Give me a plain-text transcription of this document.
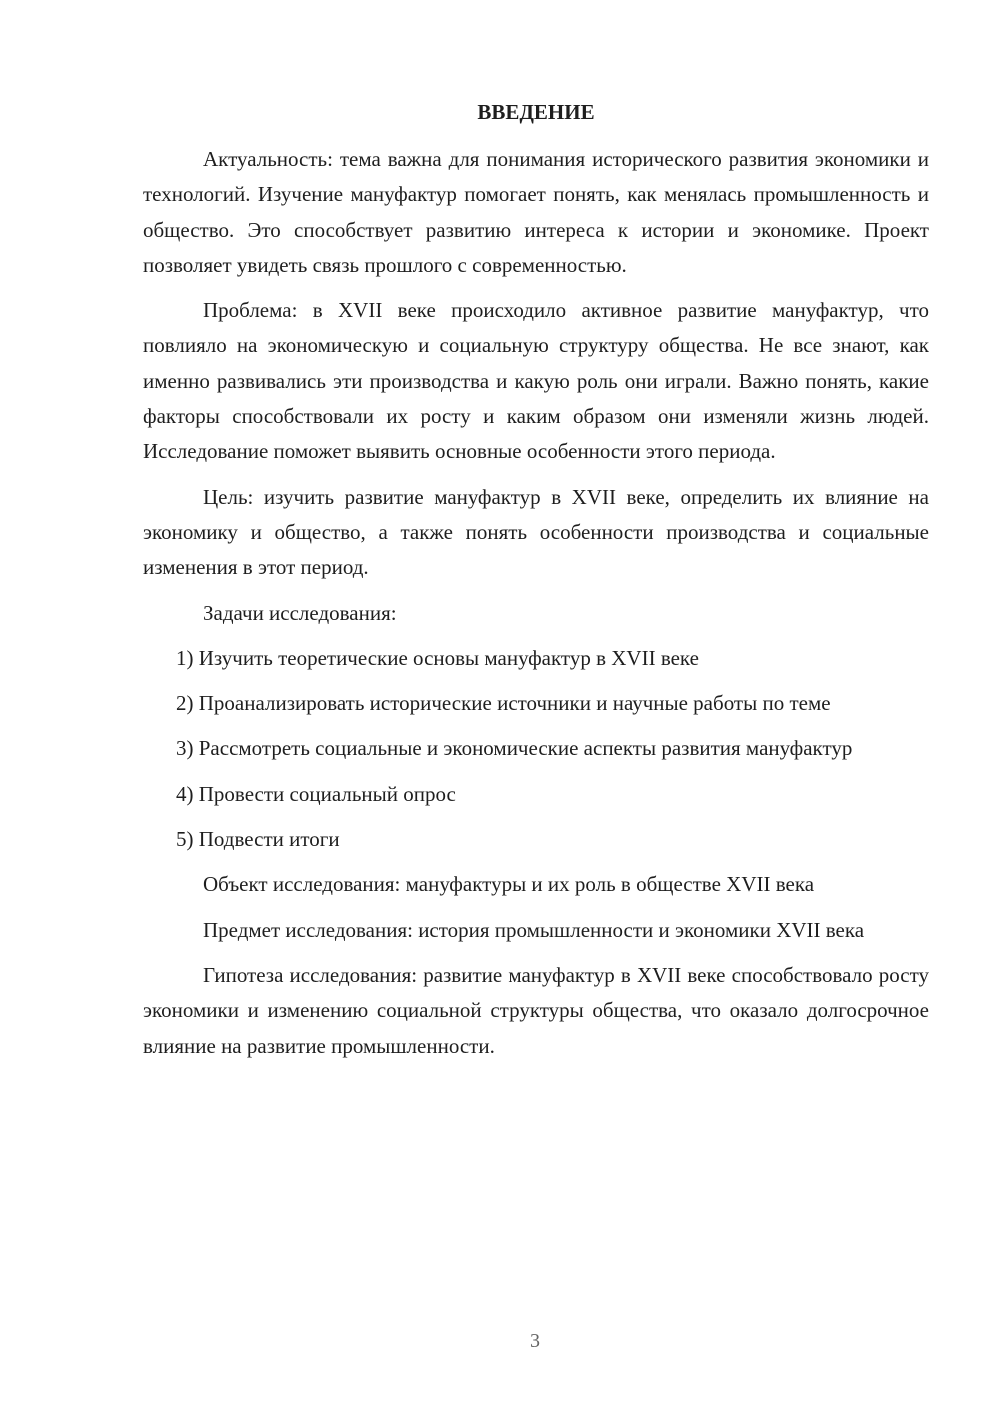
ВВЕДЕНИЕ

Актуальность: тема важна для понимания исторического развития экономики и технологий. Изучение мануфактур помогает понять, как менялась промышленность и общество. Это способствует развитию интереса к истории и экономике. Проект позволяет увидеть связь прошлого с современностью.

Проблема: в XVII веке происходило активное развитие мануфактур, что повлияло на экономическую и социальную структуру общества. Не все знают, как именно развивались эти производства и какую роль они играли. Важно понять, какие факторы способствовали их росту и каким образом они изменяли жизнь людей. Исследование поможет выявить основные особенности этого периода.

Цель: изучить развитие мануфактур в XVII веке, определить их влияние на экономику и общество, а также понять особенности производства и социальные изменения в этот период.

Задачи исследования:

1) Изучить теоретические основы мануфактур в XVII веке

2) Проанализировать исторические источники и научные работы по теме

3) Рассмотреть социальные и экономические аспекты развития мануфактур

4) Провести социальный опрос

5) Подвести итоги

Объект исследования: мануфактуры и их роль в обществе XVII века

Предмет исследования: история промышленности и экономики XVII века

Гипотеза исследования: развитие мануфактур в XVII веке способствовало росту экономики и изменению социальной структуры общества, что оказало долгосрочное влияние на развитие промышленности.

3
